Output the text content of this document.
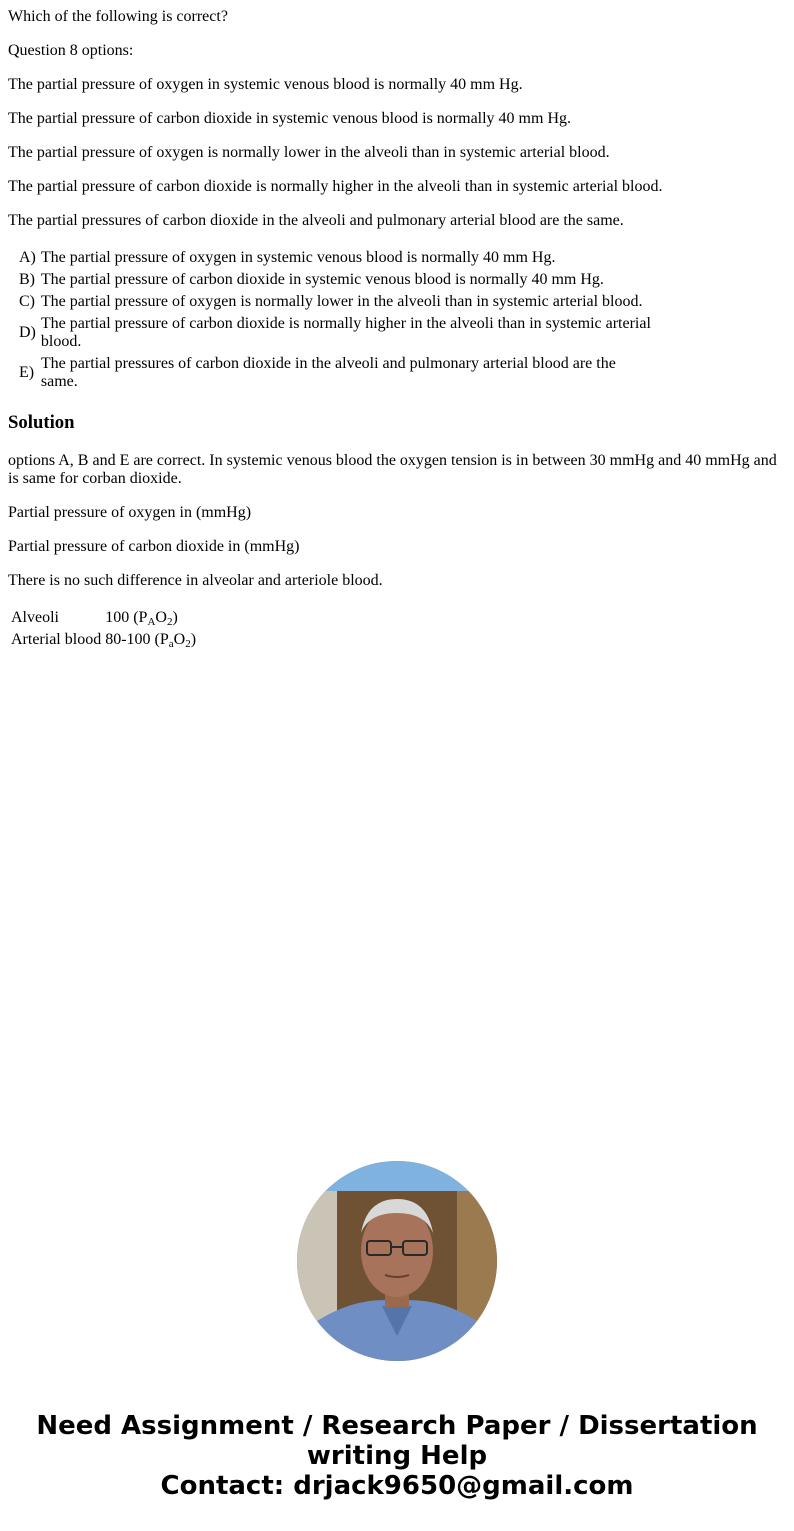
Which of the following is correct?

Question 8 options:

The partial pressure of oxygen in systemic venous blood is normally 40 mm Hg.

The partial pressure of carbon dioxide in systemic venous blood is normally 40 mm Hg.

The partial pressure of oxygen is normally lower in the alveoli than in systemic arterial blood.

The partial pressure of carbon dioxide is normally higher in the alveoli than in systemic arterial blood.

The partial pressures of carbon dioxide in the alveoli and pulmonary arterial blood are the same.

A)	The partial pressure of oxygen in systemic venous blood is normally 40 mm Hg.
B)	The partial pressure of carbon dioxide in systemic venous blood is normally 40 mm Hg.
C)	The partial pressure of oxygen is normally lower in the alveoli than in systemic arterial blood.
D)	The partial pressure of carbon dioxide is normally higher in the alveoli than in systemic arterial blood.
E)	The partial pressures of carbon dioxide in the alveoli and pulmonary arterial blood are the same.
Solution

options A, B and E are correct. In systemic venous blood the oxygen tension is in between 30 mmHg and 40 mmHg and is same for corban dioxide.

Partial pressure of oxygen in (mmHg)

Partial pressure of carbon dioxide in (mmHg)

There is no such difference in alveolar and arteriole blood.

Alveoli	100 $(P_AO_2)$
Arterial blood	80-100 $(P_aO_2)$
Need Assignment / Research Paper / Dissertation
writing Help
Contact: drjack9650@gmail.com
